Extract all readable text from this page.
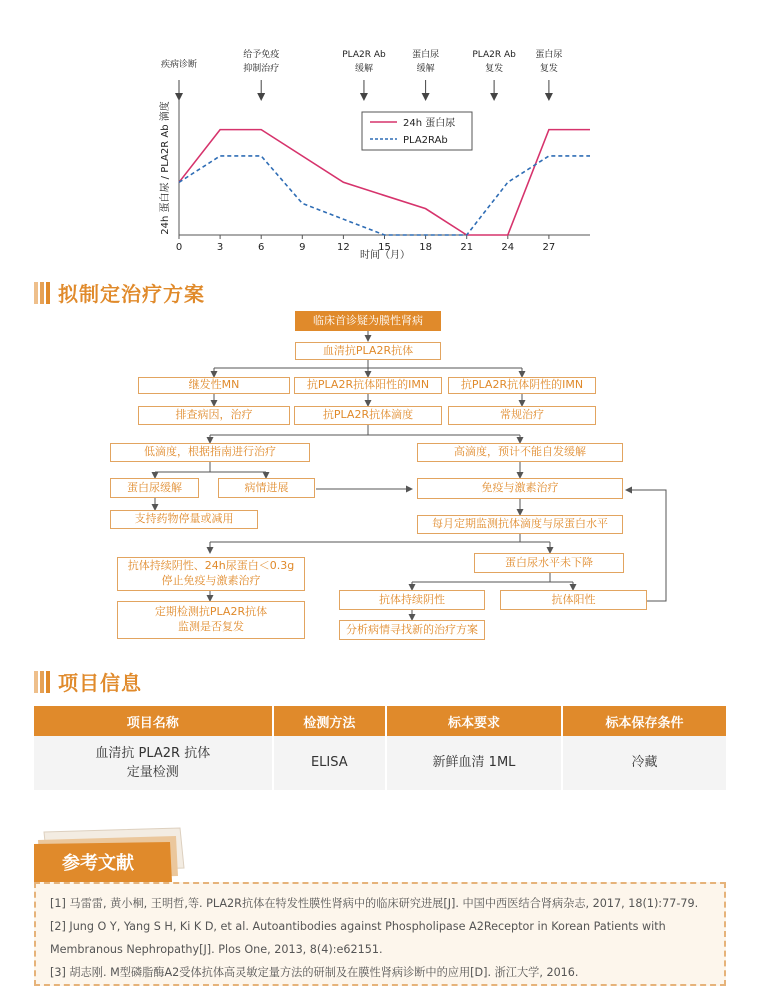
疾病诊断
给予免疫
抑制治疗
PLA2R Ab
缓解
蛋白尿
缓解
PLA2R Ab
复发
蛋白尿
复发
0	3	6	9	12	15	18	21	24	27
24h 蛋白尿 / PLA2R Ab 滴度
时间（月）
24h 蛋白尿
PLA2RAb
拟制定治疗方案
临床首诊疑为膜性肾病
血清抗PLA2R抗体
继发性MN	抗PLA2R抗体阳性的IMN	抗PLA2R抗体阴性的IMN
排查病因，治疗	抗PLA2R抗体滴度	常规治疗
低滴度，根据指南进行治疗	高滴度，预计不能自发缓解
蛋白尿缓解	病情进展	免疫与激素治疗
支持药物停量或减用	每月定期监测抗体滴度与尿蛋白水平
抗体持续阴性、24h尿蛋白＜0.3g
停止免疫与激素治疗
蛋白尿水平未下降
抗体持续阴性	抗体阳性
定期检测抗PLA2R抗体
监测是否复发	分析病情寻找新的治疗方案
项目信息
项目名称	检测方法	标本要求	标本保存条件
血清抗 PLA2R 抗体
定量检测	ELISA	新鲜血清 1ML	冷藏
参考文献

[1] 马雷雷, 黄小桐, 王明哲,等. PLA2R抗体在特发性膜性肾病中的临床研究进展[J]. 中国中西医结合肾病杂志, 2017, 18(1):77-79.

[2] Jung O Y, Yang S H, Ki K D, et al. Autoantibodies against Phospholipase A2Receptor in Korean Patients with Membranous Nephropathy[J]. Plos One, 2013, 8(4):e62151.

[3] 胡志刚. M型磷脂酶A2受体抗体高灵敏定量方法的研制及在膜性肾病诊断中的应用[D]. 浙江大学, 2016.
